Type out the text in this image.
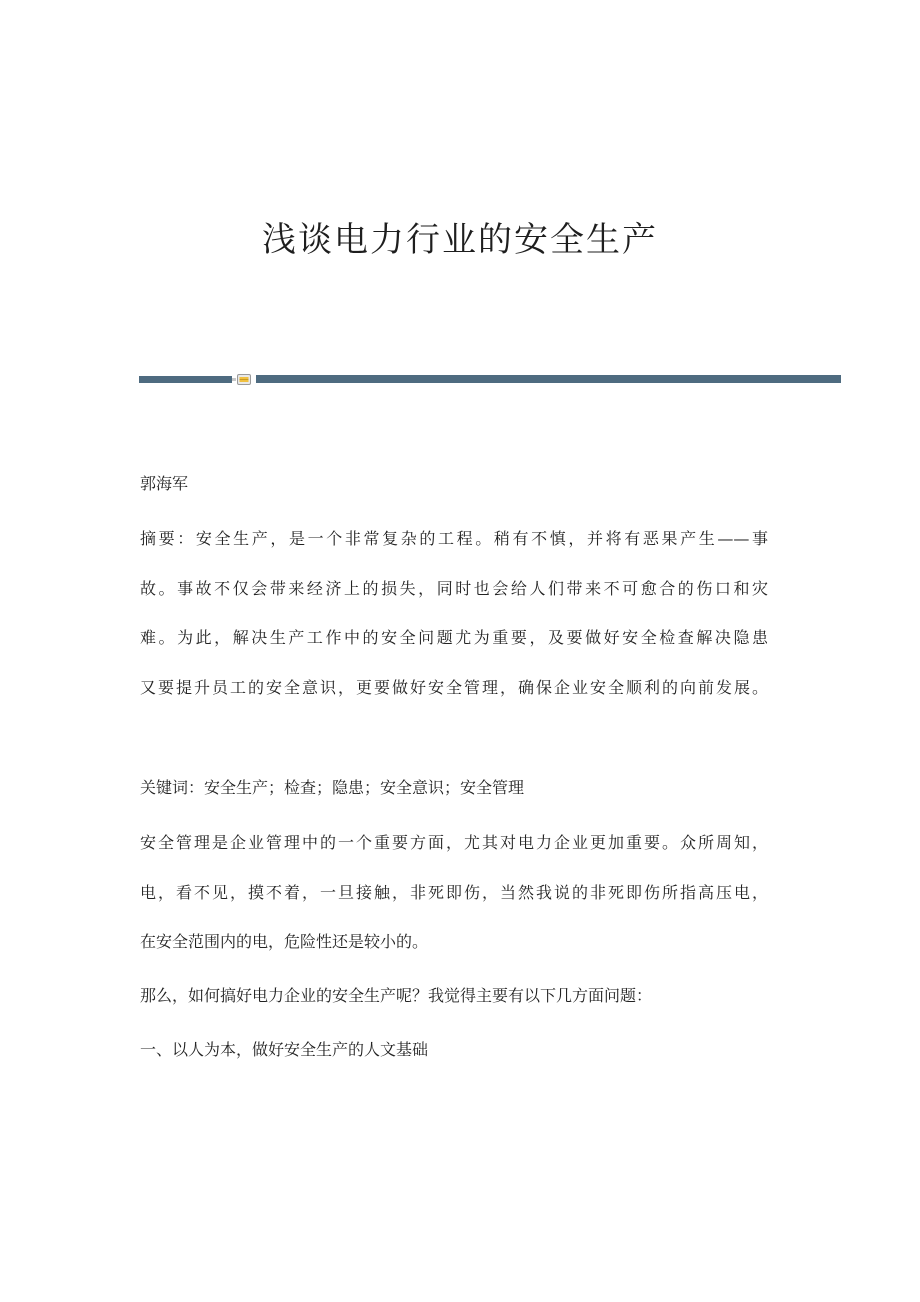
浅谈电力行业的安全生产

郭海军

摘要：安全生产，是一个非常复杂的工程。稍有不慎，并将有恶果产生——事

故。事故不仅会带来经济上的损失，同时也会给人们带来不可愈合的伤口和灾

难。为此，解决生产工作中的安全问题尤为重要，及要做好安全检查解决隐患

又要提升员工的安全意识，更要做好安全管理，确保企业安全顺利的向前发展。

关键词：安全生产；检查；隐患；安全意识；安全管理

安全管理是企业管理中的一个重要方面，尤其对电力企业更加重要。众所周知，

电，看不见，摸不着，一旦接触，非死即伤，当然我说的非死即伤所指高压电，

在安全范围内的电，危险性还是较小的。

那么，如何搞好电力企业的安全生产呢？我觉得主要有以下几方面问题：

一、以人为本，做好安全生产的人文基础
